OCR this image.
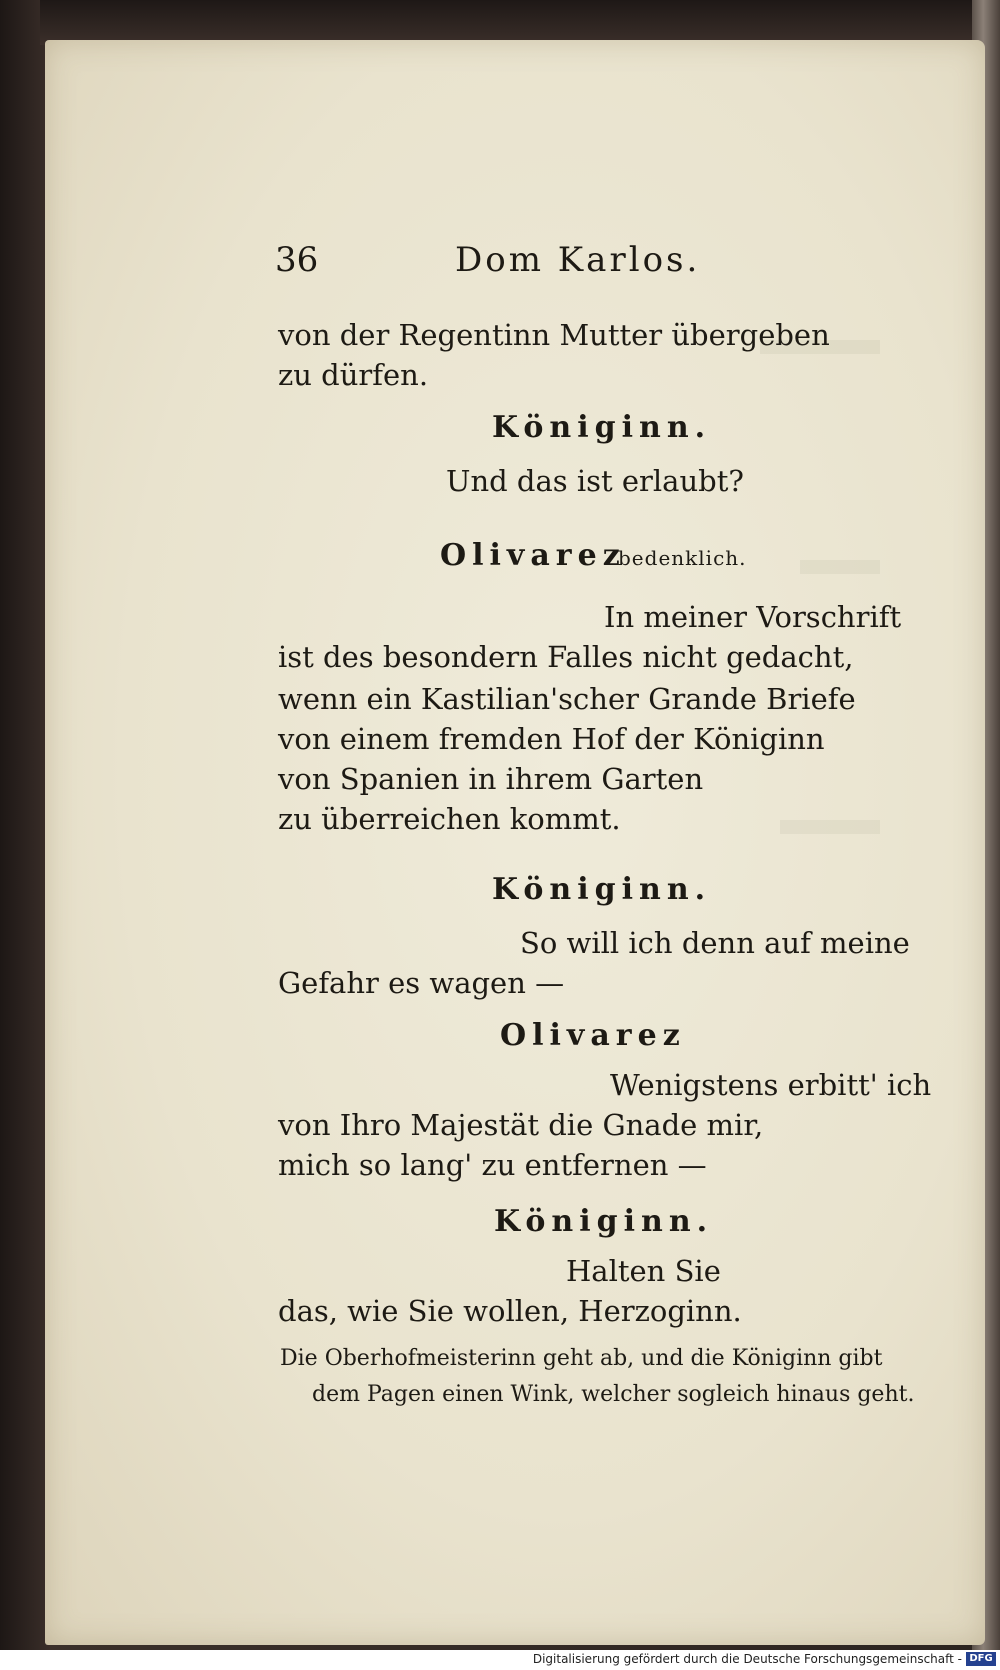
36	Dom Karlos.
von der Regentinn Mutter übergeben
zu dürfen.
Königinn.
Und das ist erlaubt?
Olivarez
bedenklich.
In meiner Vorschrift
ist des besondern Falles nicht gedacht,
wenn ein Kastilian'scher Grande Briefe
von einem fremden Hof der Königinn
von Spanien in ihrem Garten
zu überreichen kommt.
Königinn.
So will ich denn auf meine
Gefahr es wagen —
Olivarez
Wenigstens erbitt' ich
von Ihro Majestät die Gnade mir,
mich so lang' zu entfernen —
Königinn.
Halten Sie
das, wie Sie wollen, Herzoginn.
Die Oberhofmeisterinn geht ab, und die Königinn gibt
dem Pagen einen Wink, welcher sogleich hinaus geht.
Digitalisierung gefördert durch die Deutsche Forschungsgemeinschaft - DFG
